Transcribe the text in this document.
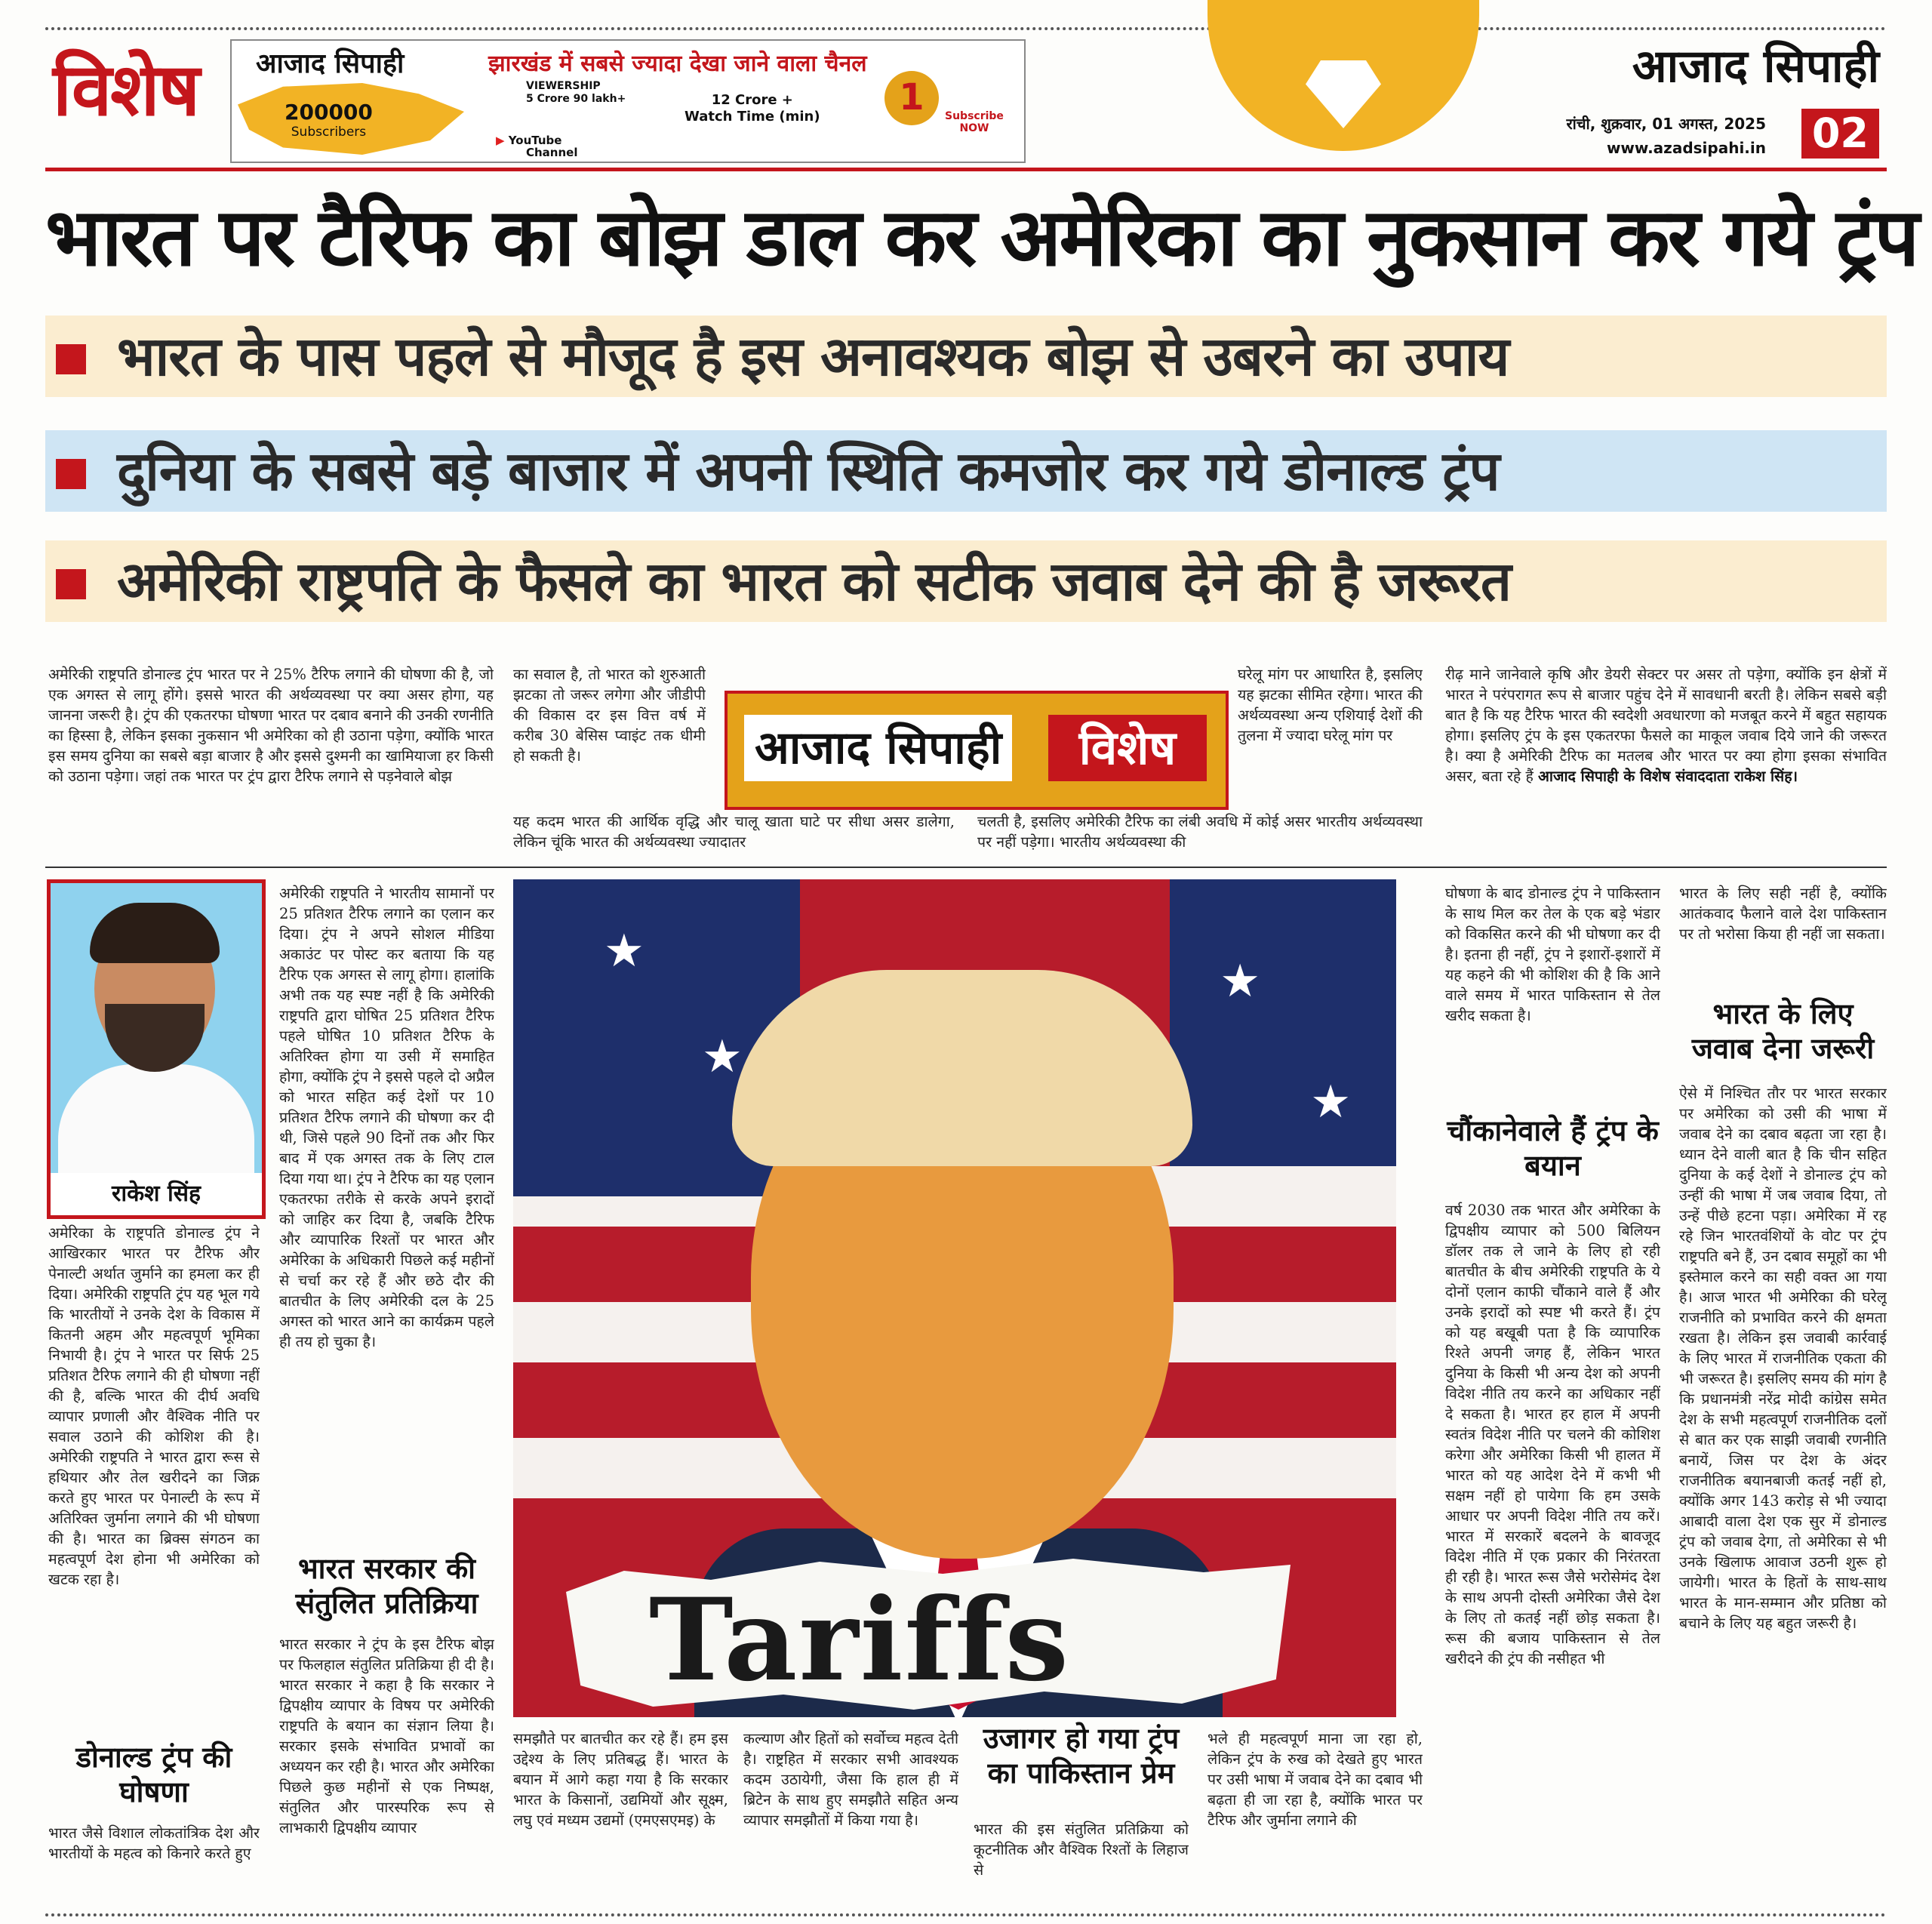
विशेष आजाद सिपाही	झारखंड में सबसे ज्यादा देखा जाने वाला चैनल
200000
Subscribers
VIEWERSHIP
5 Crore 90 lakh+	12 Crore +
Watch Time (min)
▶ YouTube
Channel
1	Subscribe
NOW
आजाद सिपाही
रांची, शुक्रवार, 01 अगस्त, 2025
www.azadsipahi.in 02
भारत पर टैरिफ का बोझ डाल कर अमेरिका का नुकसान कर गये ट्रंप
भारत के पास पहले से मौजूद है इस अनावश्यक बोझ से उबरने का उपाय
दुनिया के सबसे बड़े बाजार में अपनी स्थिति कमजोर कर गये डोनाल्ड ट्रंप
अमेरिकी राष्ट्रपति के फैसले का भारत को सटीक जवाब देने की है जरूरत

अमेरिकी राष्ट्रपति डोनाल्ड ट्रंप भारत पर ने 25% टैरिफ लगाने की घोषणा की है, जो एक अगस्त से लागू होंगे। इससे भारत की अर्थव्यवस्था पर क्या असर होगा, यह जानना जरूरी है। ट्रंप की एकतरफा घोषणा भारत पर दबाव बनाने की उनकी रणनीति का हिस्सा है, लेकिन इसका नुकसान भी अमेरिका को ही उठाना पड़ेगा, क्योंकि भारत इस समय दुनिया का सबसे बड़ा बाजार है और इससे दुश्मनी का खामियाजा हर किसी को उठाना पड़ेगा। जहां तक भारत पर ट्रंप द्वारा टैरिफ लगाने से पड़नेवाले बोझ

का सवाल है, तो भारत को शुरुआती झटका तो जरूर लगेगा और जीडीपी की विकास दर इस वित्त वर्ष में करीब 30 बेसिस प्वाइंट तक धीमी हो सकती है।	आजाद सिपाही	विशेष

घरेलू मांग पर आधारित है, इसलिए यह झटका सीमित रहेगा। भारत की अर्थव्यवस्था अन्य एशियाई देशों की तुलना में ज्यादा घरेलू मांग पर

यह कदम भारत की आर्थिक वृद्धि और चालू खाता घाटे पर सीधा असर डालेगा, लेकिन चूंकि भारत की अर्थव्यवस्था ज्यादातर

चलती है, इसलिए अमेरिकी टैरिफ का लंबी अवधि में कोई असर भारतीय अर्थव्यवस्था पर नहीं पड़ेगा। भारतीय अर्थव्यवस्था की

रीढ़ माने जानेवाले कृषि और डेयरी सेक्टर पर असर तो पड़ेगा, क्योंकि इन क्षेत्रों में भारत ने परंपरागत रूप से बाजार पहुंच देने में सावधानी बरती है। लेकिन सबसे बड़ी बात है कि यह टैरिफ भारत की स्वदेशी अवधारणा को मजबूत करने में बहुत सहायक होगा। इसलिए ट्रंप के इस एकतरफा फैसले का माकूल जवाब दिये जाने की जरूरत है। क्या है अमेरिकी टैरिफ का मतलब और भारत पर क्या होगा इसका संभावित असर, बता रहे हैं आजाद सिपाही के विशेष संवाददाता राकेश सिंह।

राकेश सिंह

अमेरिका के राष्ट्रपति डोनाल्ड ट्रंप ने आखिरकार भारत पर टैरिफ और पेनाल्टी अर्थात जुर्माने का हमला कर ही दिया। अमेरिकी राष्ट्रपति ट्रंप यह भूल गये कि भारतीयों ने उनके देश के विकास में कितनी अहम और महत्वपूर्ण भूमिका निभायी है। ट्रंप ने भारत पर सिर्फ 25 प्रतिशत टैरिफ लगाने की ही घोषणा नहीं की है, बल्कि भारत की दीर्घ अवधि व्यापार प्रणाली और वैश्विक नीति पर सवाल उठाने की कोशिश की है। अमेरिकी राष्ट्रपति ने भारत द्वारा रूस से हथियार और तेल खरीदने का जिक्र करते हुए भारत पर पेनाल्टी के रूप में अतिरिक्त जुर्माना लगाने की भी घोषणा की है। भारत का ब्रिक्स संगठन का महत्वपूर्ण देश होना भी अमेरिका को खटक रहा है।

डोनाल्ड ट्रंप की घोषणा

भारत जैसे विशाल लोकतांत्रिक देश और भारतीयों के महत्व को किनारे करते हुए

अमेरिकी राष्ट्रपति ने भारतीय सामानों पर 25 प्रतिशत टैरिफ लगाने का एलान कर दिया। ट्रंप ने अपने सोशल मीडिया अकाउंट पर पोस्ट कर बताया कि यह टैरिफ एक अगस्त से लागू होगा। हालांकि अभी तक यह स्पष्ट नहीं है कि अमेरिकी राष्ट्रपति द्वारा घोषित 25 प्रतिशत टैरिफ पहले घोषित 10 प्रतिशत टैरिफ के अतिरिक्त होगा या उसी में समाहित होगा, क्योंकि ट्रंप ने इससे पहले दो अप्रैल को भारत सहित कई देशों पर 10 प्रतिशत टैरिफ लगाने की घोषणा कर दी थी, जिसे पहले 90 दिनों तक और फिर बाद में एक अगस्त तक के लिए टाल दिया गया था। ट्रंप ने टैरिफ का यह एलान एकतरफा तरीके से करके अपने इरादों को जाहिर कर दिया है, जबकि टैरिफ और व्यापारिक रिश्तों पर भारत और अमेरिका के अधिकारी पिछले कई महीनों से चर्चा कर रहे हैं और छठे दौर की बातचीत के लिए अमेरिकी दल के 25 अगस्त को भारत आने का कार्यक्रम पहले ही तय हो चुका है।

भारत सरकार की संतुलित प्रतिक्रिया

भारत सरकार ने ट्रंप के इस टैरिफ बोझ पर फिलहाल संतुलित प्रतिक्रिया ही दी है। भारत सरकार ने कहा है कि सरकार ने द्विपक्षीय व्यापार के विषय पर अमेरिकी राष्ट्रपति के बयान का संज्ञान लिया है। सरकार इसके संभावित प्रभावों का अध्ययन कर रही है। भारत और अमेरिका पिछले कुछ महीनों से एक निष्पक्ष, संतुलित और पारस्परिक रूप से लाभकारी द्विपक्षीय व्यापार

★
★
★
★
Tariffs

समझौते पर बातचीत कर रहे हैं। हम इस उद्देश्य के लिए प्रतिबद्ध हैं। भारत के बयान में आगे कहा गया है कि सरकार भारत के किसानों, उद्यमियों और सूक्ष्म, लघु एवं मध्यम उद्यमों (एमएसएमइ) के

कल्याण और हितों को सर्वोच्च महत्व देती है। राष्ट्रहित में सरकार सभी आवश्यक कदम उठायेगी, जैसा कि हाल ही में ब्रिटेन के साथ हुए समझौते सहित अन्य व्यापार समझौतों में किया गया है।

उजागर हो गया ट्रंप का पाकिस्तान प्रेम

भारत की इस संतुलित प्रतिक्रिया को कूटनीतिक और वैश्विक रिश्तों के लिहाज से

भले ही महत्वपूर्ण माना जा रहा हो, लेकिन ट्रंप के रुख को देखते हुए भारत पर उसी भाषा में जवाब देने का दबाव भी बढ़ता ही जा रहा है, क्योंकि भारत पर टैरिफ और जुर्माना लगाने की

घोषणा के बाद डोनाल्ड ट्रंप ने पाकिस्तान के साथ मिल कर तेल के एक बड़े भंडार को विकसित करने की भी घोषणा कर दी है। इतना ही नहीं, ट्रंप ने इशारों-इशारों में यह कहने की भी कोशिश की है कि आने वाले समय में भारत पाकिस्तान से तेल खरीद सकता है।

चौंकानेवाले हैं ट्रंप के बयान

वर्ष 2030 तक भारत और अमेरिका के द्विपक्षीय व्यापार को 500 बिलियन डॉलर तक ले जाने के लिए हो रही बातचीत के बीच अमेरिकी राष्ट्रपति के ये दोनों एलान काफी चौंकाने वाले हैं और उनके इरादों को स्पष्ट भी करते हैं। ट्रंप को यह बखूबी पता है कि व्यापारिक रिश्ते अपनी जगह हैं, लेकिन भारत दुनिया के किसी भी अन्य देश को अपनी विदेश नीति तय करने का अधिकार नहीं दे सकता है। भारत हर हाल में अपनी स्वतंत्र विदेश नीति पर चलने की कोशिश करेगा और अमेरिका किसी भी हालत में भारत को यह आदेश देने में कभी भी सक्षम नहीं हो पायेगा कि हम उसके आधार पर अपनी विदेश नीति तय करें। भारत में सरकारें बदलने के बावजूद विदेश नीति में एक प्रकार की निरंतरता ही रही है। भारत रूस जैसे भरोसेमंद देश के साथ अपनी दोस्ती अमेरिका जैसे देश के लिए तो कतई नहीं छोड़ सकता है। रूस की बजाय पाकिस्तान से तेल खरीदने की ट्रंप की नसीहत भी

भारत के लिए सही नहीं है, क्योंकि आतंकवाद फैलाने वाले देश पाकिस्तान पर तो भरोसा किया ही नहीं जा सकता।

भारत के लिए जवाब देना जरूरी

ऐसे में निश्चित तौर पर भारत सरकार पर अमेरिका को उसी की भाषा में जवाब देने का दबाव बढ़ता जा रहा है। ध्यान देने वाली बात है कि चीन सहित दुनिया के कई देशों ने डोनाल्ड ट्रंप को उन्हीं की भाषा में जब जवाब दिया, तो उन्हें पीछे हटना पड़ा। अमेरिका में रह रहे जिन भारतवंशियों के वोट पर ट्रंप राष्ट्रपति बने हैं, उन दबाव समूहों का भी इस्तेमाल करने का सही वक्त आ गया है। आज भारत भी अमेरिका की घरेलू राजनीति को प्रभावित करने की क्षमता रखता है। लेकिन इस जवाबी कार्रवाई के लिए भारत में राजनीतिक एकता की भी जरूरत है। इसलिए समय की मांग है कि प्रधानमंत्री नरेंद्र मोदी कांग्रेस समेत देश के सभी महत्वपूर्ण राजनीतिक दलों से बात कर एक साझी जवाबी रणनीति बनायें, जिस पर देश के अंदर राजनीतिक बयानबाजी कतई नहीं हो, क्योंकि अगर 143 करोड़ से भी ज्यादा आबादी वाला देश एक सुर में डोनाल्ड ट्रंप को जवाब देगा, तो अमेरिका से भी उनके खिलाफ आवाज उठनी शुरू हो जायेगी। भारत के हितों के साथ-साथ भारत के मान-सम्मान और प्रतिष्ठा को बचाने के लिए यह बहुत जरूरी है।
